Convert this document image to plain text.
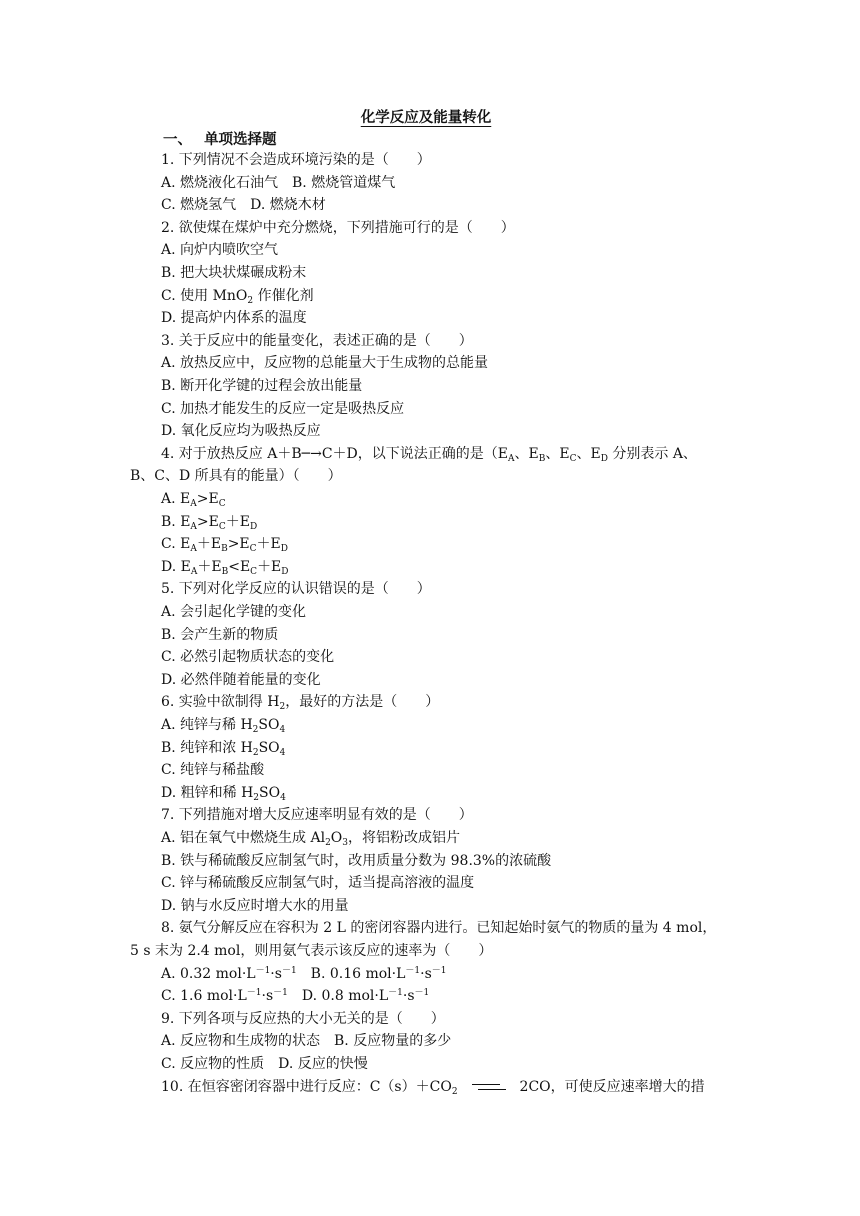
化学反应及能量转化
一、 单项选择题
1. 下列情况不会造成环境污染的是（　　）
A. 燃烧液化石油气　B. 燃烧管道煤气
C. 燃烧氢气　D. 燃烧木材
2. 欲使煤在煤炉中充分燃烧，下列措施可行的是（　　）
A. 向炉内喷吹空气
B. 把大块状煤碾成粉末
C. 使用 MnO$_2$ 作催化剂
D. 提高炉内体系的温度
3. 关于反应中的能量变化，表述正确的是（　　）
A. 放热反应中，反应物的总能量大于生成物的总能量
B. 断开化学键的过程会放出能量
C. 加热才能发生的反应一定是吸热反应
D. 氧化反应均为吸热反应
4. 对于放热反应 A＋B─→C＋D，以下说法正确的是（$E_A$、$E_B$、$E_C$、$E_D$ 分别表示 A、
B、C、D 所具有的能量）（　　）
A. $E_A>E_C$
B. $E_A>E_C+E_D$
C. $E_A+E_B>E_C+E_D$
D. $E_A+E_B<E_C+E_D$
5. 下列对化学反应的认识错误的是（　　）
A. 会引起化学键的变化
B. 会产生新的物质
C. 必然引起物质状态的变化
D. 必然伴随着能量的变化
6. 实验中欲制得 $H_2$，最好的方法是（　　）
A. 纯锌与稀 $H_2SO_4$
B. 纯锌和浓 $H_2SO_4$
C. 纯锌与稀盐酸
D. 粗锌和稀 $H_2SO_4$
7. 下列措施对增大反应速率明显有效的是（　　）
A. 铝在氧气中燃烧生成 $Al_2O_3$，将铝粉改成铝片
B. 铁与稀硫酸反应制氢气时，改用质量分数为 98.3%的浓硫酸
C. 锌与稀硫酸反应制氢气时，适当提高溶液的温度
D. 钠与水反应时增大水的用量
8. 氨气分解反应在容积为 2 L 的密闭容器内进行。已知起始时氨气的物质的量为 4 mol，
5 s 末为 2.4 mol，则用氨气表示该反应的速率为（　　）
A. 0.32 $mol\cdot L^{-1}\cdot s^{-1}$　B. 0.16 $mol\cdot L^{-1}\cdot s^{-1}$
C. 1.6 $mol\cdot L^{-1}\cdot s^{-1}$　D. 0.8 $mol\cdot L^{-1}\cdot s^{-1}$
9. 下列各项与反应热的大小无关的是（　　）
A. 反应物和生成物的状态　B. 反应物量的多少
C. 反应物的性质　D. 反应的快慢
10. 在恒容密闭容器中进行反应：$C(s)+CO_2$	2CO，可使反应速率增大的措
